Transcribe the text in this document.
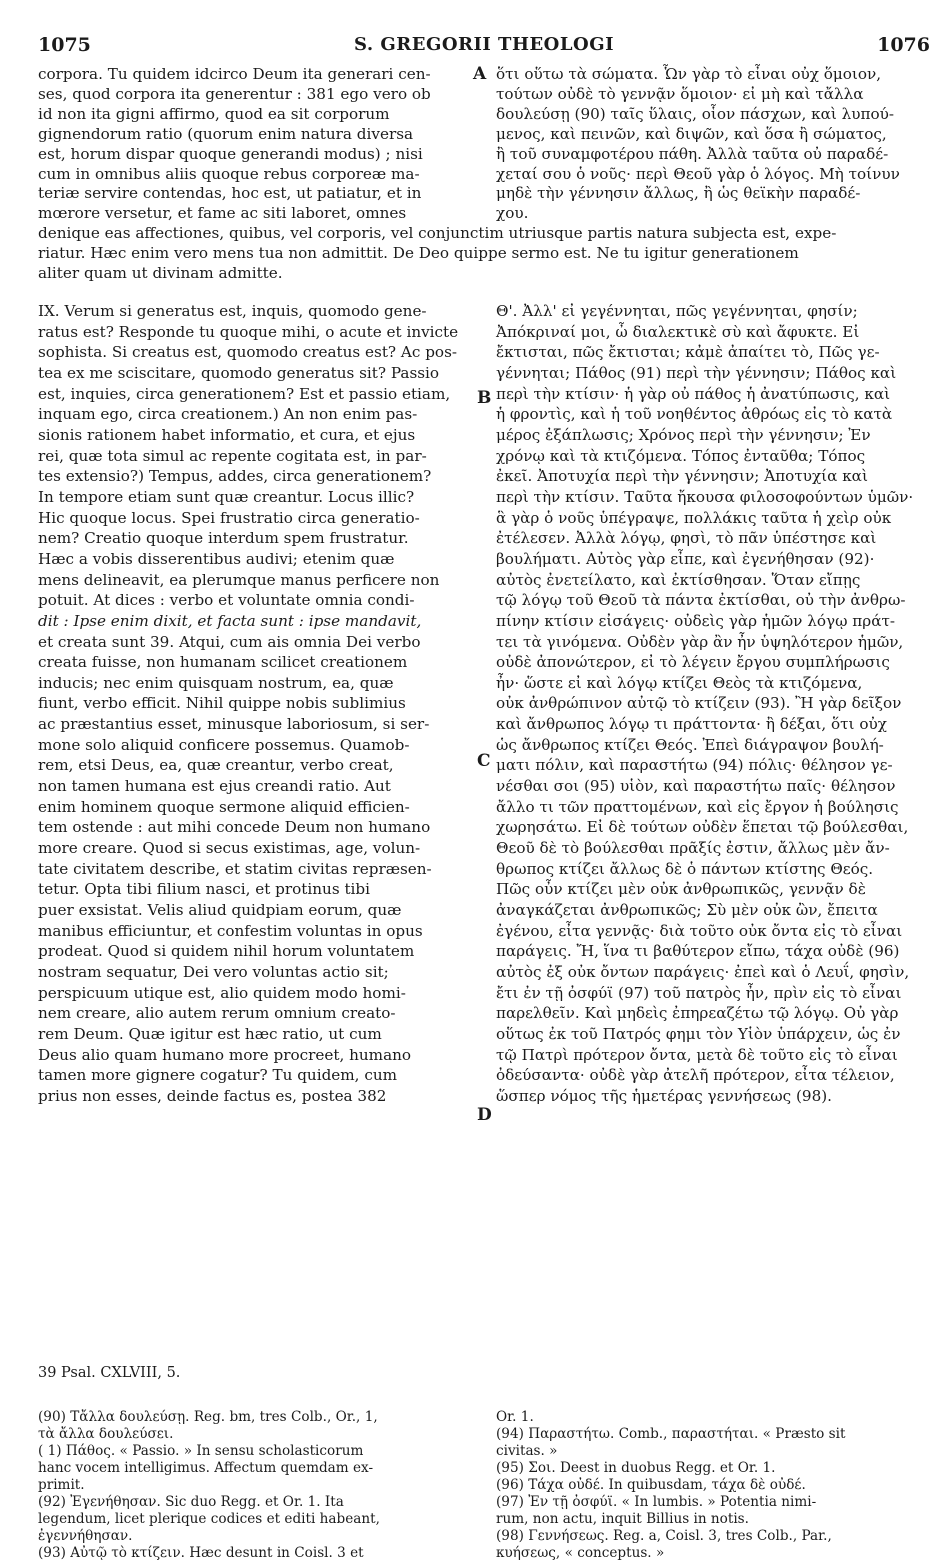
1075	S. GREGORII THEOLOGI	1076
corpora. Tu quidem idcirco Deum ita generari cen-
ses, quod corpora ita generentur : 381 ego vero ob
id non ita gigni affirmo, quod ea sit corporum
gignendorum ratio (quorum enim natura diversa
est, horum dispar quoque generandi modus) ; nisi
cum in omnibus aliis quoque rebus corporeæ ma-
teriæ servire contendas, hoc est, ut patiatur, et in
mœrore versetur, et fame ac siti laboret, omnes
ὅτι οὕτω τὰ σώματα. Ὧν γὰρ τὸ εἶναι οὐχ ὅμοιον,
τούτων οὐδὲ τὸ γεννᾷν ὅμοιον· εἰ μὴ καὶ τἄλλα
δουλεύσῃ (90) ταῖς ὕλαις, οἷον πάσχων, καὶ λυπού-
μενος, καὶ πεινῶν, καὶ διψῶν, καὶ ὅσα ἢ σώματος,
ἢ τοῦ συναμφοτέρου πάθη. Ἀλλὰ ταῦτα οὐ παραδέ-
χεταί σου ὁ νοῦς· περὶ Θεοῦ γὰρ ὁ λόγος. Μὴ τοίνυν
μηδὲ τὴν γέννησιν ἄλλως, ἢ ὡς θεϊκὴν παραδέ-
χου.
A
denique eas affectiones, quibus, vel corporis, vel conjunctim utriusque partis natura subjecta est, expe-
riatur. Hæc enim vero mens tua non admittit. De Deo quippe sermo est. Ne tu igitur generationem
aliter quam ut divinam admitte.
IX. Verum si generatus est, inquis, quomodo gene-
ratus est? Responde tu quoque mihi, o acute et invicte
sophista. Si creatus est, quomodo creatus est? Ac pos-
tea ex me sciscitare, quomodo generatus sit? Passio
est, inquies, circa generationem? Est et passio etiam,
inquam ego, circa creationem.) An non enim pas-
sionis rationem habet informatio, et cura, et ejus
rei, quæ tota simul ac repente cogitata est, in par-
tes extensio?) Tempus, addes, circa generationem?
In tempore etiam sunt quæ creantur. Locus illic?
Hic quoque locus. Spei frustratio circa generatio-
nem? Creatio quoque interdum spem frustratur.
Hæc a vobis disserentibus audivi; etenim quæ
mens delineavit, ea plerumque manus perficere non
potuit. At dices : verbo et voluntate omnia condi-
dit : Ipse enim dixit, et facta sunt : ipse mandavit,
et creata sunt 39. Atqui, cum ais omnia Dei verbo
creata fuisse, non humanam scilicet creationem
inducis; nec enim quisquam nostrum, ea, quæ
fiunt, verbo efficit. Nihil quippe nobis sublimius
ac præstantius esset, minusque laboriosum, si ser-
mone solo aliquid conficere possemus. Quamob-
rem, etsi Deus, ea, quæ creantur, verbo creat,
non tamen humana est ejus creandi ratio. Aut
enim hominem quoque sermone aliquid efficien-
tem ostende : aut mihi concede Deum non humano
more creare. Quod si secus existimas, age, volun-
tate civitatem describe, et statim civitas repræsen-
tetur. Opta tibi filium nasci, et protinus tibi
puer exsistat. Velis aliud quidpiam eorum, quæ
manibus efficiuntur, et confestim voluntas in opus
prodeat. Quod si quidem nihil horum voluntatem
nostram sequatur, Dei vero voluntas actio sit;
perspicuum utique est, alio quidem modo homi-
nem creare, alio autem rerum omnium creato-
rem Deum. Quæ igitur est hæc ratio, ut cum
Deus alio quam humano more procreet, humano
tamen more gignere cogatur? Tu quidem, cum
prius non esses, deinde factus es, postea 382
Θ'. Ἀλλ' εἰ γεγέννηται, πῶς γεγέννηται, φησίν;
Ἀπόκριναί μοι, ὦ διαλεκτικὲ σὺ καὶ ἄφυκτε. Εἰ
ἔκτισται, πῶς ἔκτισται; κἀμὲ ἀπαίτει τὸ, Πῶς γε-
γέννηται; Πάθος (91) περὶ τὴν γέννησιν; Πάθος καὶ
περὶ τὴν κτίσιν· ἡ γὰρ οὐ πάθος ἡ ἀνατύπωσις, καὶ
ἡ φροντὶς, καὶ ἡ τοῦ νοηθέντος ἀθρόως εἰς τὸ κατὰ
μέρος ἐξάπλωσις; Χρόνος περὶ τὴν γέννησιν; Ἐν
χρόνῳ καὶ τὰ κτιζόμενα. Τόπος ἐνταῦθα; Τόπος
ἐκεῖ. Ἀποτυχία περὶ τὴν γέννησιν; Ἀποτυχία καὶ
περὶ τὴν κτίσιν. Ταῦτα ἤκουσα φιλοσοφούντων ὑμῶν·
ἃ γὰρ ὁ νοῦς ὑπέγραψε, πολλάκις ταῦτα ἡ χεὶρ οὐκ
ἐτέλεσεν. Ἀλλὰ λόγῳ, φησὶ, τὸ πᾶν ὑπέστησε καὶ
βουλήματι. Αὐτὸς γὰρ εἶπε, καὶ ἐγενήθησαν (92)·
αὐτὸς ἐνετείλατο, καὶ ἐκτίσθησαν. Ὅταν εἴπῃς
τῷ λόγῳ τοῦ Θεοῦ τὰ πάντα ἐκτίσθαι, οὐ τὴν ἀνθρω-
πίνην κτίσιν εἰσάγεις· οὐδεὶς γὰρ ἡμῶν λόγῳ πράτ-
τει τὰ γινόμενα. Οὐδὲν γὰρ ἂν ἦν ὑψηλότερον ἡμῶν,
οὐδὲ ἀπονώτερον, εἰ τὸ λέγειν ἔργου συμπλήρωσις
ἦν· ὥστε εἰ καὶ λόγῳ κτίζει Θεὸς τὰ κτιζόμενα,
οὐκ ἀνθρώπινον αὐτῷ τὸ κτίζειν (93). Ἢ γὰρ δεῖξον
καὶ ἄνθρωπος λόγῳ τι πράττοντα· ἢ δέξαι, ὅτι οὐχ
ὡς ἄνθρωπος κτίζει Θεός. Ἐπεὶ διάγραψον βουλή-
ματι πόλιν, καὶ παραστήτω (94) πόλις· θέλησον γε-
νέσθαι σοι (95) υἱὸν, καὶ παραστήτω παῖς· θέλησον
ἄλλο τι τῶν πραττομένων, καὶ εἰς ἔργον ἡ βούλησις
χωρησάτω. Εἰ δὲ τούτων οὐδὲν ἕπεται τῷ βούλεσθαι,
Θεοῦ δὲ τὸ βούλεσθαι πρᾶξίς ἐστιν, ἄλλως μὲν ἄν-
θρωπος κτίζει ἄλλως δὲ ὁ πάντων κτίστης Θεός.
Πῶς οὖν κτίζει μὲν οὐκ ἀνθρωπικῶς, γεννᾷν δὲ
ἀναγκάζεται ἀνθρωπικῶς; Σὺ μὲν οὐκ ὢν, ἔπειτα
ἐγένου, εἶτα γεννᾷς· διὰ τοῦτο οὐκ ὄντα εἰς τὸ εἶναι
παράγεις. Ἤ, ἵνα τι βαθύτερον εἴπω, τάχα οὐδὲ (96)
αὐτὸς ἐξ οὐκ ὄντων παράγεις· ἐπεὶ καὶ ὁ Λευΐ, φησὶν,
ἔτι ἐν τῇ ὀσφύϊ (97) τοῦ πατρὸς ἦν, πρὶν εἰς τὸ εἶναι
παρελθεῖν. Καὶ μηδεὶς ἐπηρεαζέτω τῷ λόγῳ. Οὐ γὰρ
οὕτως ἐκ τοῦ Πατρός φημι τὸν Υἱὸν ὑπάρχειν, ὡς ἐν
τῷ Πατρὶ πρότερον ὄντα, μετὰ δὲ τοῦτο εἰς τὸ εἶναι
ὀδεύσαντα· οὐδὲ γὰρ ἀτελῆ πρότερον, εἶτα τέλειον,
ὥσπερ νόμος τῆς ἡμετέρας γεννήσεως (98).
B
C
D
39 Psal. CXLVIII, 5.
(90) Τἄλλα δουλεύσῃ. Reg. bm, tres Colb., Or., 1,
τὰ ἄλλα δουλεύσει.
( 1) Πάθος. « Passio. » In sensu scholasticorum
hanc vocem intelligimus. Affectum quemdam ex-
primit.
(92) Ἐγενήθησαν. Sic duo Regg. et Or. 1. Ita
legendum, licet plerique codices et editi habeant,
ἐγεννήθησαν.
(93) Αὐτῷ τὸ κτίζειν. Hæc desunt in Coisl. 3 et
Or. 1.
(94) Παραστήτω. Comb., παραστήται. « Præsto sit
civitas. »
(95) Σοι. Deest in duobus Regg. et Or. 1.
(96) Τάχα οὐδέ. In quibusdam, τάχα δὲ οὐδέ.
(97) Ἐν τῇ ὀσφύϊ. « In lumbis. » Potentia nimi-
rum, non actu, inquit Billius in notis.
(98) Γεννήσεως. Reg. a, Coisl. 3, tres Colb., Par.,
κυήσεως, « conceptus. »
